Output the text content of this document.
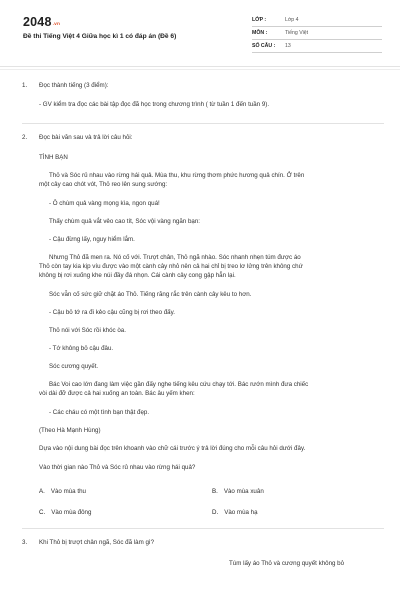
2048.vn
Đề thi Tiếng Việt 4 Giữa học kì 1 có đáp án (Đề 6)
LỚP :	Lớp 4
MÔN :	Tiếng Việt
SỐ CÂU :	13
1. Đọc thành tiếng (3 điểm):
- GV kiểm tra đọc các bài tập đọc đã học trong chương trình ( từ tuần 1 đến tuần 9).
2. Đọc bài văn sau và trả lời câu hỏi:
TÌNH BẠN
Thỏ và Sóc rủ nhau vào rừng hái quả. Mùa thu, khu rừng thơm phức hương quả chín. Ở trên
một cây cao chót vót, Thỏ reo lên sung sướng:
- Ô chùm quả vàng mọng kìa, ngon quá!
Thấy chùm quả vắt vẻo cao tít, Sóc vội vàng ngăn bạn:
- Cậu đừng lấy, nguy hiểm lắm.
Nhưng Thỏ đã men ra. Nó cố với. Trượt chân, Thỏ ngã nhào. Sóc nhanh nhẹn túm được áo
Thỏ còn tay kia kịp víu được vào một cành cây nhỏ nên cả hai chỉ bị treo lơ lửng trên không chứ
không bị rơi xuống khe núi đầy đá nhọn. Cái cành cây cong gập hẳn lại.
Sóc vẫn cố sức giữ chặt áo Thỏ. Tiếng răng rắc trên cành cây kêu to hơn.
- Cậu bỏ tớ ra đi kẻo cậu cũng bị rơi theo đấy.
Thỏ nói với Sóc rồi khóc òa.
- Tớ không bỏ cậu đâu.
Sóc cương quyết.
Bác Voi cao lớn đang làm việc gần đấy nghe tiếng kêu cứu chạy tới. Bác rướn mình đưa chiếc
vòi dài đỡ được cả hai xuống an toàn. Bác âu yếm khen:
- Các cháu có một tình bạn thật đẹp.
(Theo Hà Mạnh Hùng)
Dựa vào nội dung bài đọc trên khoanh vào chữ cái trước ý trả lời đúng cho mỗi câu hỏi dưới đây.
Vào thời gian nào Thỏ và Sóc rủ nhau vào rừng hái quả?
A. Vào mùa thu	B. Vào mùa xuân
C. Vào mùa đông	D. Vào mùa hạ
3. Khi Thỏ bị trượt chân ngã, Sóc đã làm gì?
Túm lấy áo Thỏ và cương quyết không bỏ
